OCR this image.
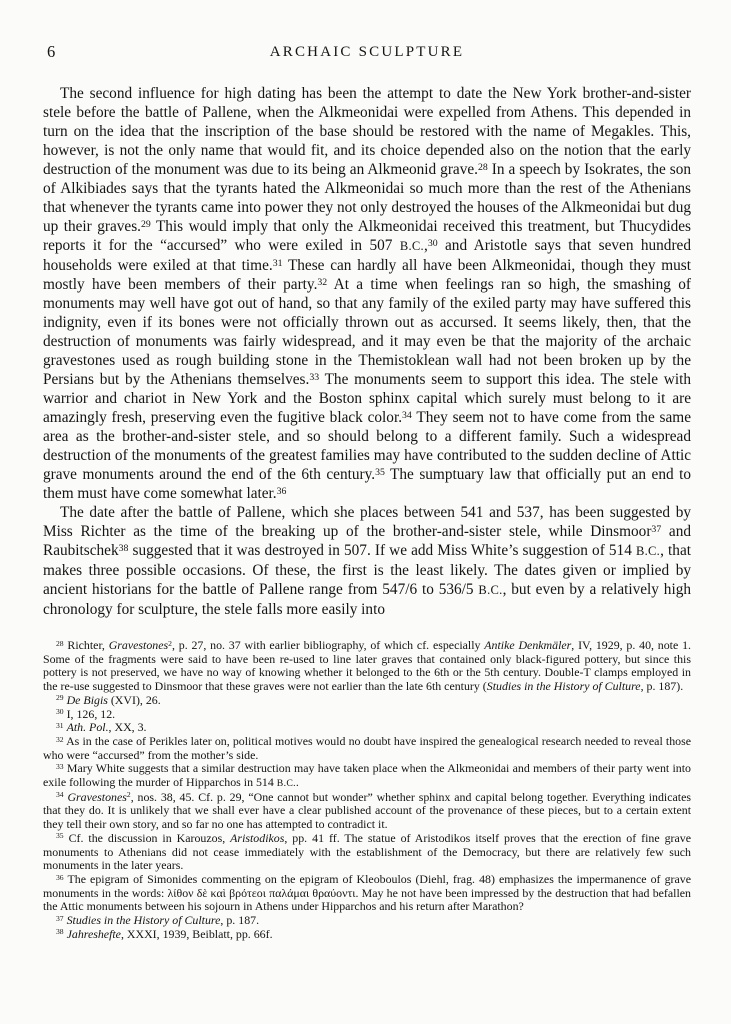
6	ARCHAIC SCULPTURE

The second influence for high dating has been the attempt to date the New York brother-and-sister stele before the battle of Pallene, when the Alkmeonidai were expelled from Athens. This depended in turn on the idea that the inscription of the base should be restored with the name of Megakles. This, however, is not the only name that would fit, and its choice depended also on the notion that the early destruction of the monument was due to its being an Alkmeonid grave.$^{28}$ In a speech by Isokrates, the son of Alkibiades says that the tyrants hated the Alkmeonidai so much more than the rest of the Athenians that whenever the tyrants came into power they not only destroyed the houses of the Alkmeonidai but dug up their graves.$^{29}$ This would imply that only the Alkmeonidai received this treatment, but Thucydides reports it for the “accursed” who were exiled in 507 B.C.,$^{30}$ and Aristotle says that seven hundred households were exiled at that time.$^{31}$ These can hardly all have been Alkmeonidai, though they must mostly have been members of their party.$^{32}$ At a time when feelings ran so high, the smashing of monuments may well have got out of hand, so that any family of the exiled party may have suffered this indignity, even if its bones were not officially thrown out as accursed. It seems likely, then, that the destruction of monuments was fairly widespread, and it may even be that the majority of the archaic gravestones used as rough building stone in the Themistoklean wall had not been broken up by the Persians but by the Athenians themselves.$^{33}$ The monuments seem to support this idea. The stele with warrior and chariot in New York and the Boston sphinx capital which surely must belong to it are amazingly fresh, preserving even the fugitive black color.$^{34}$ They seem not to have come from the same area as the brother-and-sister stele, and so should belong to a different family. Such a widespread destruction of the monuments of the greatest families may have contributed to the sudden decline of Attic grave monuments around the end of the 6th century.$^{35}$ The sumptuary law that officially put an end to them must have come somewhat later.$^{36}$

The date after the battle of Pallene, which she places between 541 and 537, has been suggested by Miss Richter as the time of the breaking up of the brother-and-sister stele, while Dinsmoor$^{37}$ and Raubitschek$^{38}$ suggested that it was destroyed in 507. If we add Miss White’s suggestion of 514 B.C., that makes three possible occasions. Of these, the first is the least likely. The dates given or implied by ancient historians for the battle of Pallene range from 547/6 to 536/5 B.C., but even by a relatively high chronology for sculpture, the stele falls more easily into

$^{28}$ Richter, Gravestones$^2$, p. 27, no. 37 with earlier bibliography, of which cf. especially Antike Denkmäler, IV, 1929, p. 40, note 1. Some of the fragments were said to have been re-used to line later graves that contained only black-figured pottery, but since this pottery is not preserved, we have no way of knowing whether it belonged to the 6th or the 5th century. Double-T clamps employed in the re-use suggested to Dinsmoor that these graves were not earlier than the late 6th century (Studies in the History of Culture, p. 187).

$^{29}$ De Bigis (XVI), 26.

$^{30}$ I, 126, 12.

$^{31}$ Ath. Pol., XX, 3.

$^{32}$ As in the case of Perikles later on, political motives would no doubt have inspired the genealogical research needed to reveal those who were “accursed” from the mother’s side.

$^{33}$ Mary White suggests that a similar destruction may have taken place when the Alkmeonidai and members of their party went into exile following the murder of Hipparchos in 514 B.C..

$^{34}$ Gravestones$^2$, nos. 38, 45. Cf. p. 29, “One cannot but wonder” whether sphinx and capital belong together. Everything indicates that they do. It is unlikely that we shall ever have a clear published account of the provenance of these pieces, but to a certain extent they tell their own story, and so far no one has attempted to contradict it.

$^{35}$ Cf. the discussion in Karouzos, Aristodikos, pp. 41 ff. The statue of Aristodikos itself proves that the erection of fine grave monuments to Athenians did not cease immediately with the establishment of the Democracy, but there are relatively few such monuments in the later years.

$^{36}$ The epigram of Simonides commenting on the epigram of Kleoboulos (Diehl, frag. 48) emphasizes the impermanence of grave monuments in the words: λίθον δὲ καὶ βρότεοι παλάμαι θραύοντι. May he not have been impressed by the destruction that had befallen the Attic monuments between his sojourn in Athens under Hipparchos and his return after Marathon?

$^{37}$ Studies in the History of Culture, p. 187.

$^{38}$ Jahreshefte, XXXI, 1939, Beiblatt, pp. 66f.
